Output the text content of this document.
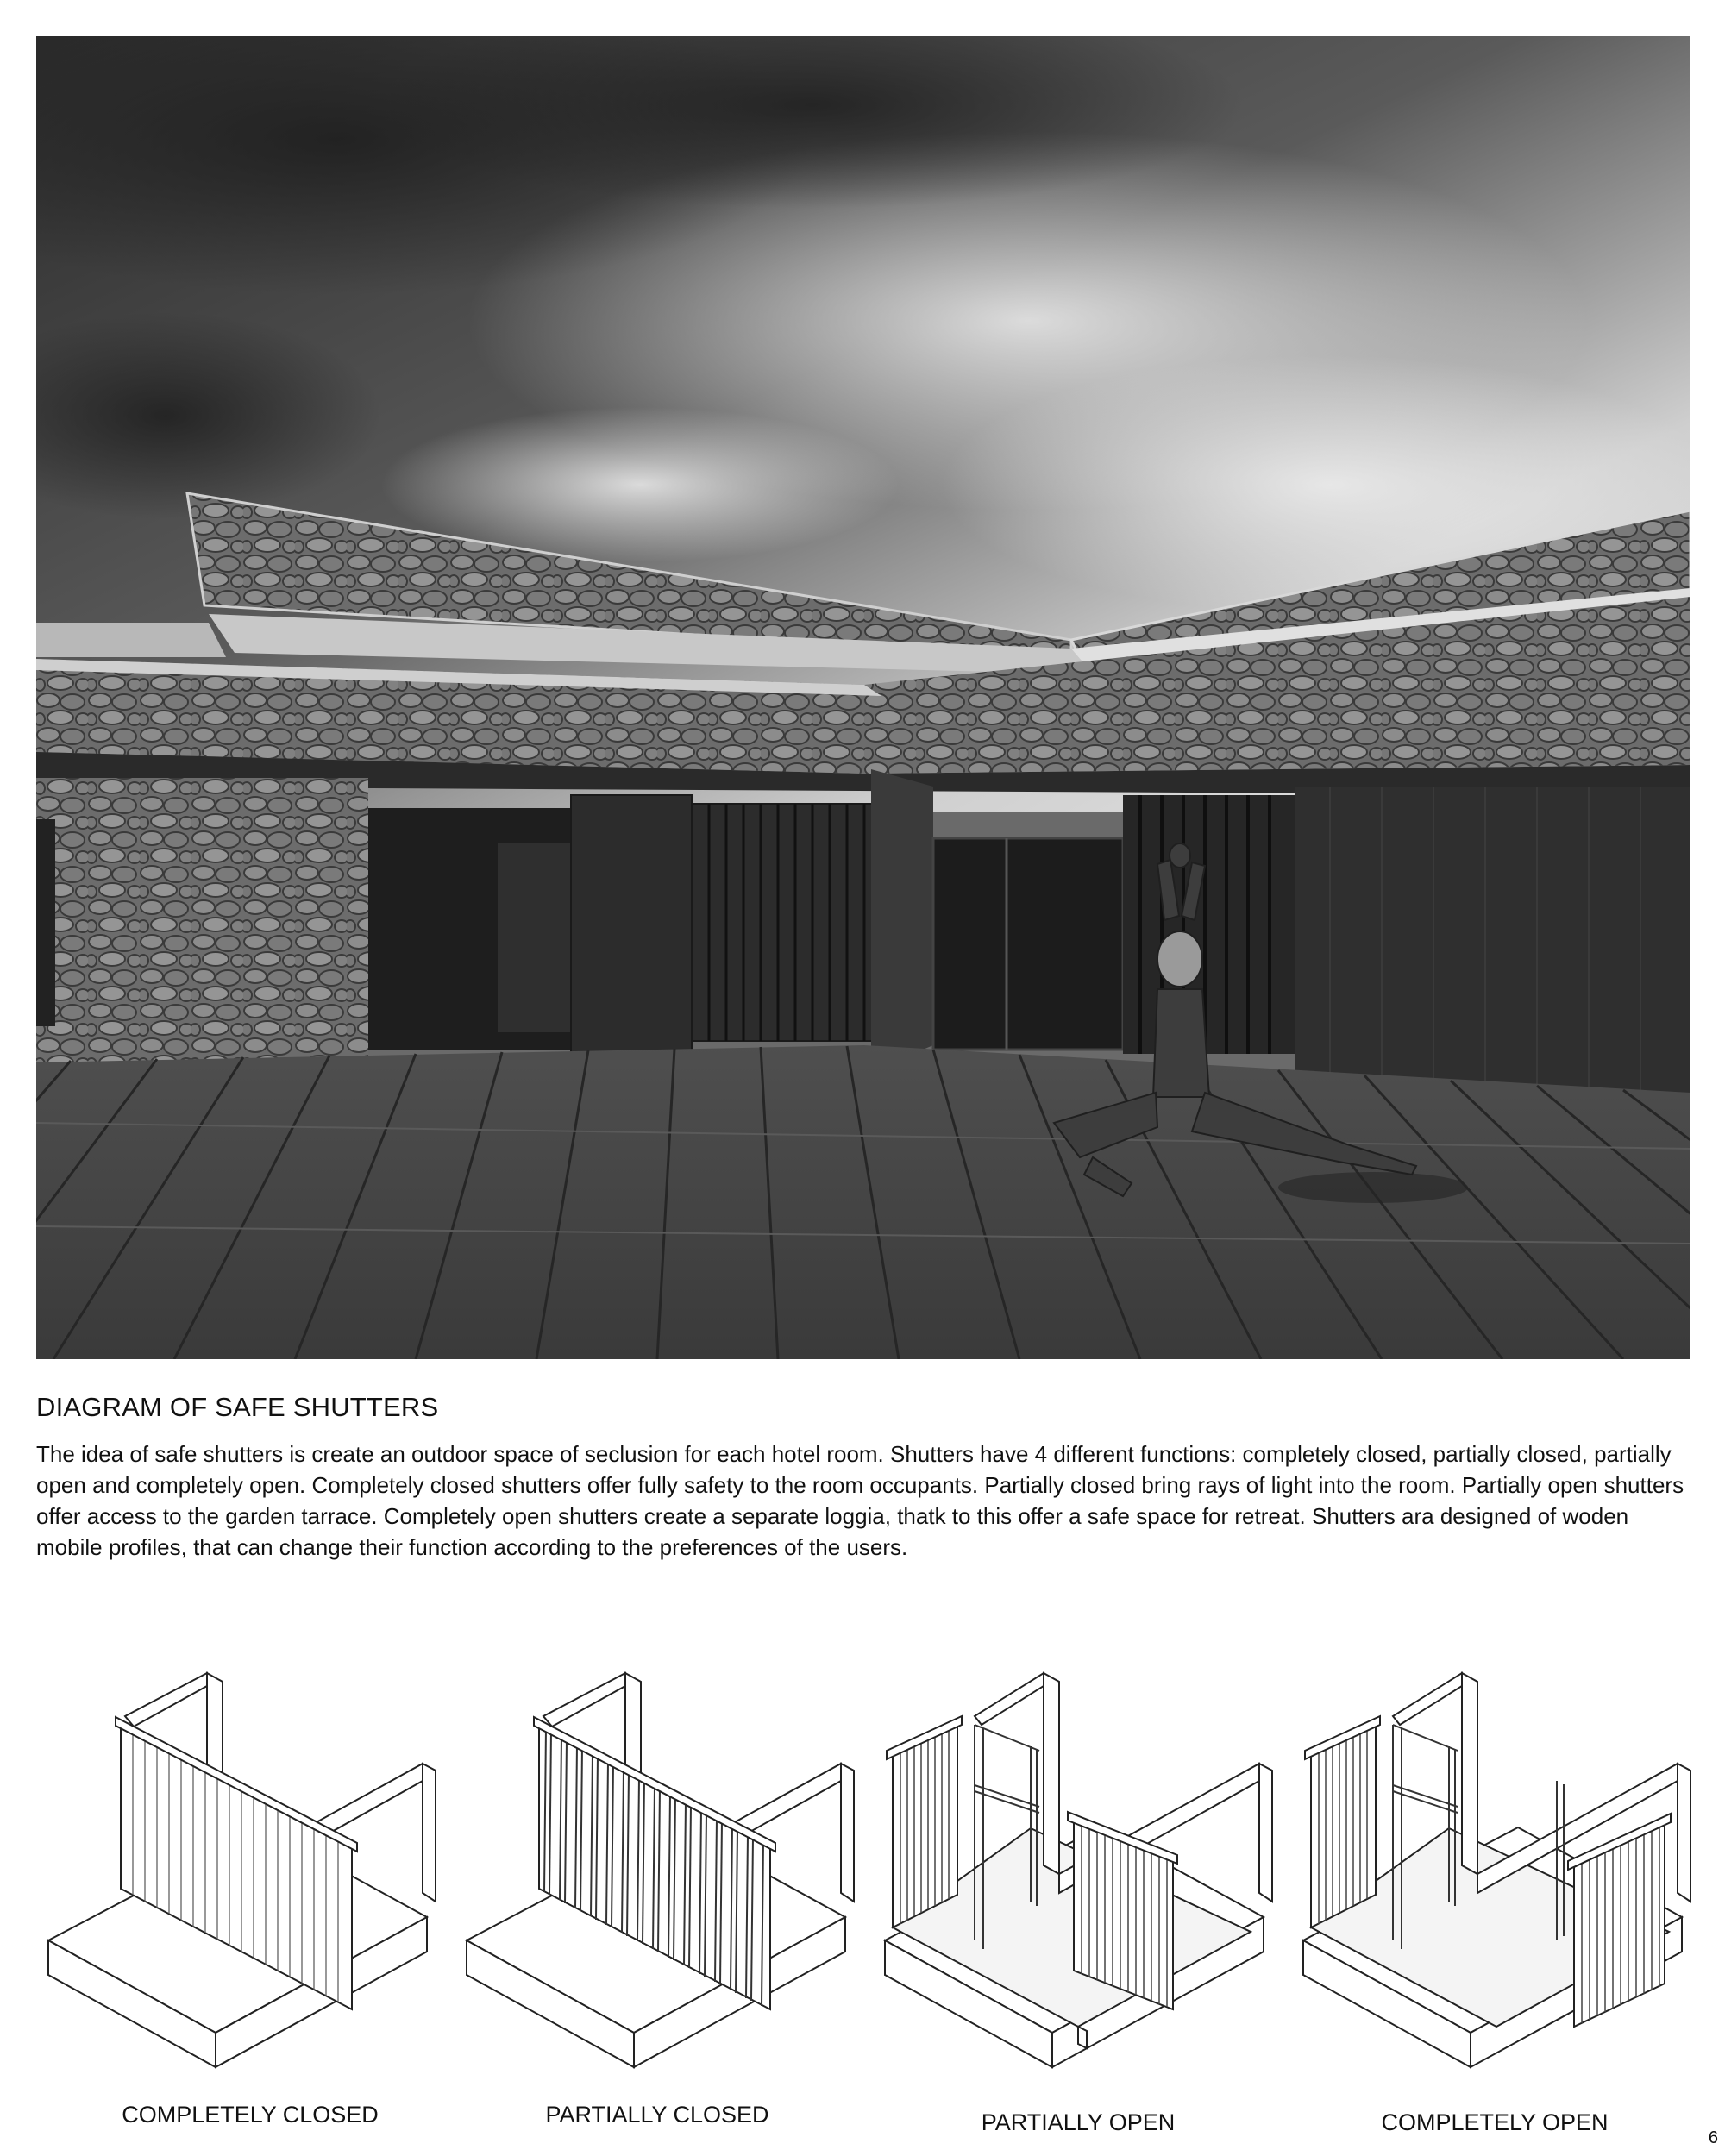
DIAGRAM OF SAFE SHUTTERS

The idea of safe shutters is create an outdoor space of seclusion for each hotel room. Shutters have 4 different functions: completely closed, partially closed, partially open and completely open. Completely closed shutters offer fully safety to the room occupants. Partially closed bring rays of light into the room. Partially open shutters offer access to the garden tarrace. Completely open shutters create a separate loggia, thatk to this offer a safe space for retreat. Shutters ara designed of woden mobile profiles, that can change their function according to the preferences of the users.

COMPLETELY CLOSED	PARTIALLY CLOSED	PARTIALLY OPEN	COMPLETELY OPEN
6
